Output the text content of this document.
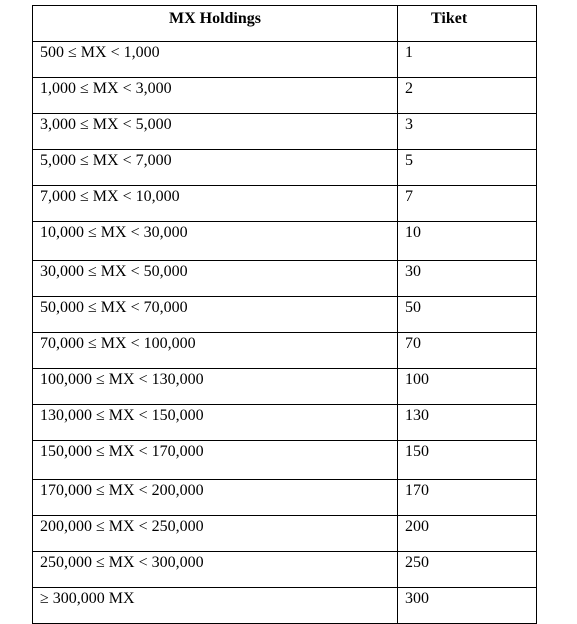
MX Holdings	Tiket
500 ≤ MX < 1,000	1
1,000 ≤ MX < 3,000	2
3,000 ≤ MX < 5,000	3
5,000 ≤ MX < 7,000	5
7,000 ≤ MX < 10,000	7
10,000 ≤ MX < 30,000	10
30,000 ≤ MX < 50,000	30
50,000 ≤ MX < 70,000	50
70,000 ≤ MX < 100,000	70
100,000 ≤ MX < 130,000	100
130,000 ≤ MX < 150,000	130
150,000 ≤ MX < 170,000	150
170,000 ≤ MX < 200,000	170
200,000 ≤ MX < 250,000	200
250,000 ≤ MX < 300,000	250
≥ 300,000 MX	300
